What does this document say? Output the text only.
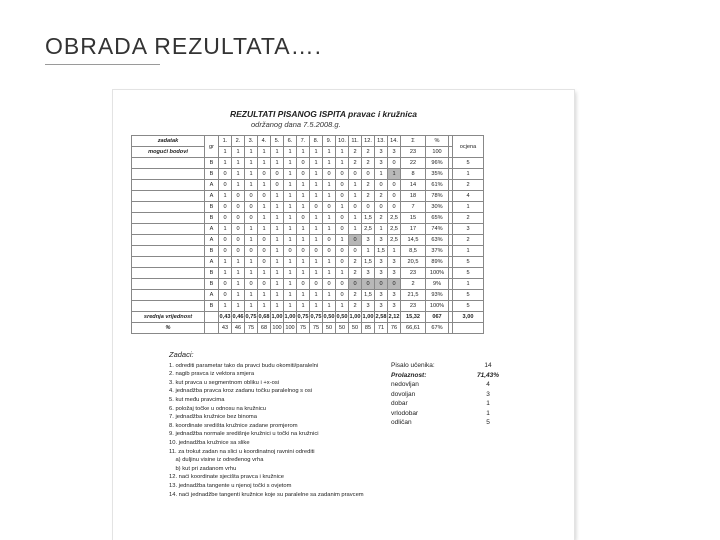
OBRADA REZULTATA….
REZULTATI PISANOG ISPITA pravac i kružnica
održanog dana 7.5.2008.g.
zadatak	gr	1.	2.	3.	4.	5.	6.	7.	8.	9.	10.	11.	12.	13.	14.	Σ	%		ocjena
mogući bodovi		1	1	1	1	1	1	1	1	1	1	2	2	3	3	23	100		
	B	1	1	1	1	1	1	0	1	1	1	2	2	3	0	22	96%		5
	B	0	1	1	0	0	1	0	1	0	0	0	0	1	1	8	35%		1
	A	0	1	1	1	0	1	1	1	1	0	1	2	0	0	14	61%		2
	A	1	0	0	0	1	1	1	1	1	0	1	2	2	0	18	78%		4
	B	0	0	0	1	1	1	1	0	0	1	0	0	0	0	7	30%		1
	B	0	0	0	1	1	1	0	1	1	0	1	1,5	2	2,5	15	65%		2
	A	1	0	1	1	1	1	1	1	1	0	1	2,5	1	2,5	17	74%		3
	A	0	0	1	0	1	1	1	1	0	1	0	3	3	2,5	14,5	63%		2
	B	0	0	0	0	1	0	0	0	0	0	0	1	1,5	1	8,5	37%		1
	A	1	1	1	0	1	1	1	1	1	0	2	1,5	3	3	20,5	89%		5
	B	1	1	1	1	1	1	1	1	1	1	2	3	3	3	23	100%		5
	B	0	1	0	0	1	1	0	0	0	0	0	0	0	0	2	9%		1
	A	0	1	1	1	1	1	1	1	1	0	2	1,5	3	3	21,5	93%		5
	B	1	1	1	1	1	1	1	1	1	1	2	3	3	3	23	100%		5
srednja vrijednost		0,43	0,46	0,75	0,68	1,00	1,00	0,75	0,75	0,50	0,50	1,00	1,00	2,58	2,12	15,32	067		3,00
%		43	46	75	68	100	100	75	75	50	50	50	85	71	76	66,61	67%		
Zadaci:
1. odrediti parametar tako da pravci budu okomiti/paralelni
2. nagib pravca iz vektora smjera
3. kut pravca u segmentnom obliku i +x-osi
4. jednadžba pravca kroz zadanu točku paralelnog s osi
5. kut među pravcima
6. položaj točke u odnosu na kružnicu
7. jednadžba kružnice bez binoma
8. koordinate središta kružnice zadane promjerom
9. jednadžba normale središnje kružnici u točki na kružnici
10. jednadžba kružnice sa slike
11. za trokut zadan na slici u koordinatnoj ravnini odrediti
a) duljinu visine iz određenog vrha
b) kut pri zadanom vrhu
12. naći koordinate sjecišta pravca i kružnice
13. jednadžba tangente u njenoj točki s ovjetom
14. naći jednadžbe tangenti kružnice koje su paralelne sa zadanim pravcem
Pisalo učenika:	14
Prolaznost:	71,43%
nedovljan	4
dovoljan	3
dobar	1
vrlodobar	1
odličan	5
